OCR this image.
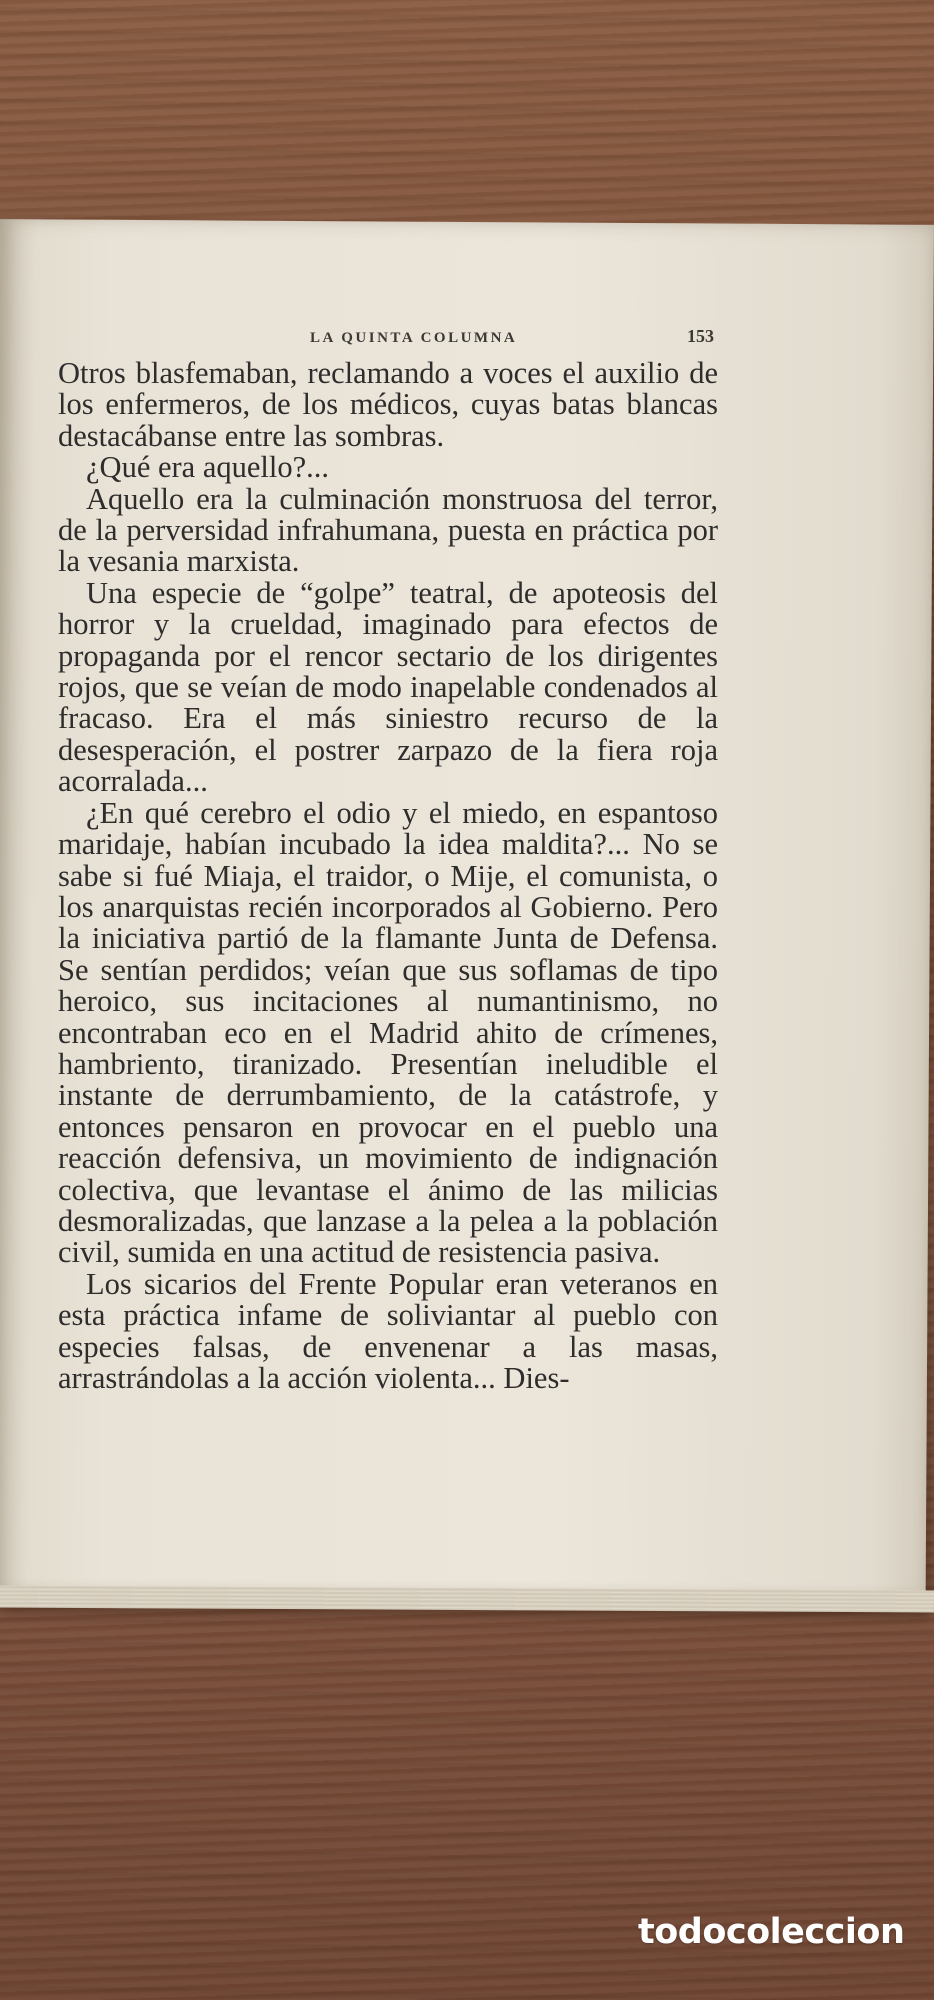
LA QUINTA COLUMNA	153

Otros blasfemaban, reclamando a voces el auxilio de los enfermeros, de los médicos, cuyas batas blancas destacábanse entre las sombras.

¿Qué era aquello?...

Aquello era la culminación monstruosa del terror, de la perversidad infrahumana, puesta en práctica por la vesania marxista.

Una especie de “golpe” teatral, de apoteosis del horror y la crueldad, imaginado para efectos de propaganda por el rencor sectario de los dirigentes rojos, que se veían de modo inapelable condenados al fracaso. Era el más siniestro recurso de la desesperación, el postrer zarpazo de la fiera roja acorralada...

¿En qué cerebro el odio y el miedo, en espantoso maridaje, habían incubado la idea maldita?... No se sabe si fué Miaja, el traidor, o Mije, el comunista, o los anarquistas recién incorporados al Gobierno. Pero la iniciativa partió de la flamante Junta de Defensa. Se sentían perdidos; veían que sus soflamas de tipo heroico, sus incitaciones al numantinismo, no encontraban eco en el Madrid ahito de crímenes, hambriento, tiranizado. Presentían ineludible el instante de derrumbamiento, de la catástrofe, y entonces pensaron en provocar en el pueblo una reacción defensiva, un movimiento de indignación colectiva, que levantase el ánimo de las milicias desmoralizadas, que lanzase a la pelea a la población civil, sumida en una actitud de resistencia pasiva.

Los sicarios del Frente Popular eran veteranos en esta práctica infame de soliviantar al pueblo con especies falsas, de envenenar a las masas, arrastrándolas a la acción violenta... Dies-

todocoleccion
